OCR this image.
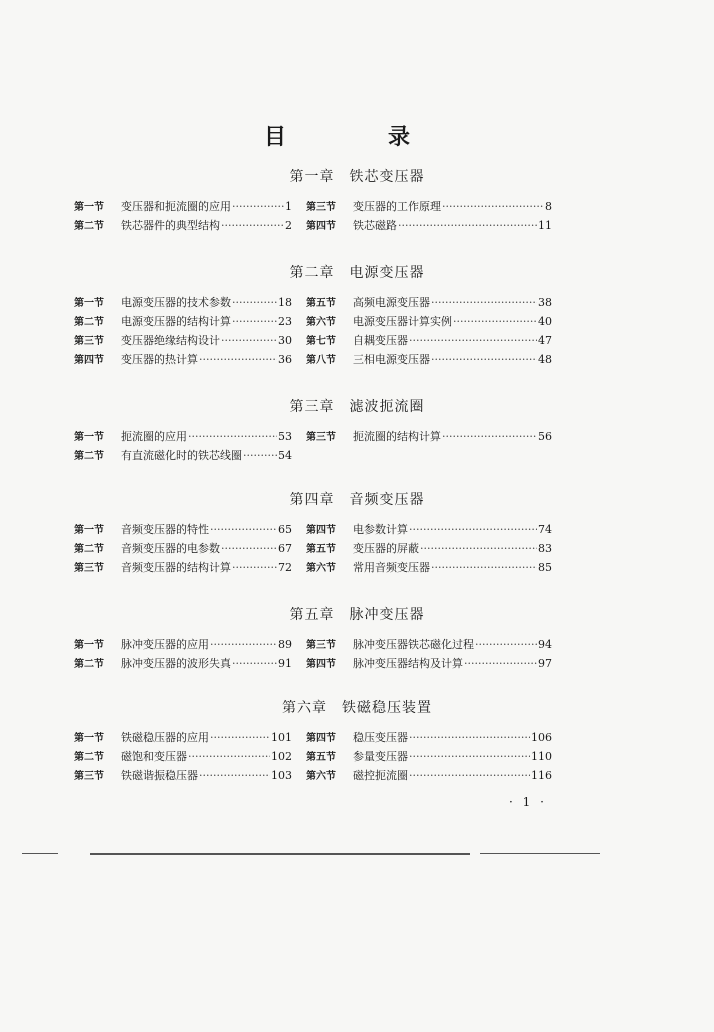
目　录
第一章　铁芯变压器
第一节	变压器和扼流圈的应用 ·····	1 第三节	变压器的工作原理 ·····	8
第二节	铁芯器件的典型结构 ·····	2 第四节	铁芯磁路 ·····	11
第二章　电源变压器
第一节	电源变压器的技术参数 ·····	18 第五节	高频电源变压器 ·····	38
第二节	电源变压器的结构计算 ·····	23 第六节	电源变压器计算实例 ·····	40
第三节	变压器绝缘结构设计 ·····	30 第七节	自耦变压器 ·····	47
第四节	变压器的热计算 ·····	36 第八节	三相电源变压器 ·····	48
第三章　滤波扼流圈
第一节	扼流圈的应用 ·····	53 第三节	扼流圈的结构计算 ·····	56
第二节	有直流磁化时的铁芯线圈 ·····	54
第四章　音频变压器
第一节	音频变压器的特性 ·····	65 第四节	电参数计算 ·····	74
第二节	音频变压器的电参数 ·····	67 第五节	变压器的屏蔽 ·····	83
第三节	音频变压器的结构计算 ·····	72 第六节	常用音频变压器 ·····	85
第五章　脉冲变压器
第一节	脉冲变压器的应用 ·····	89 第三节	脉冲变压器铁芯磁化过程 ·····	94
第二节	脉冲变压器的波形失真 ·····	91 第四节	脉冲变压器结构及计算 ·····	97
第六章　铁磁稳压装置
第一节	铁磁稳压器的应用 ·····	101 第四节	稳压变压器 ·····	106
第二节	磁饱和变压器 ·····	102 第五节	参量变压器 ·····	110
第三节	铁磁谐振稳压器 ·····	103 第六节	磁控扼流圈 ·····	116
· 1 ·
